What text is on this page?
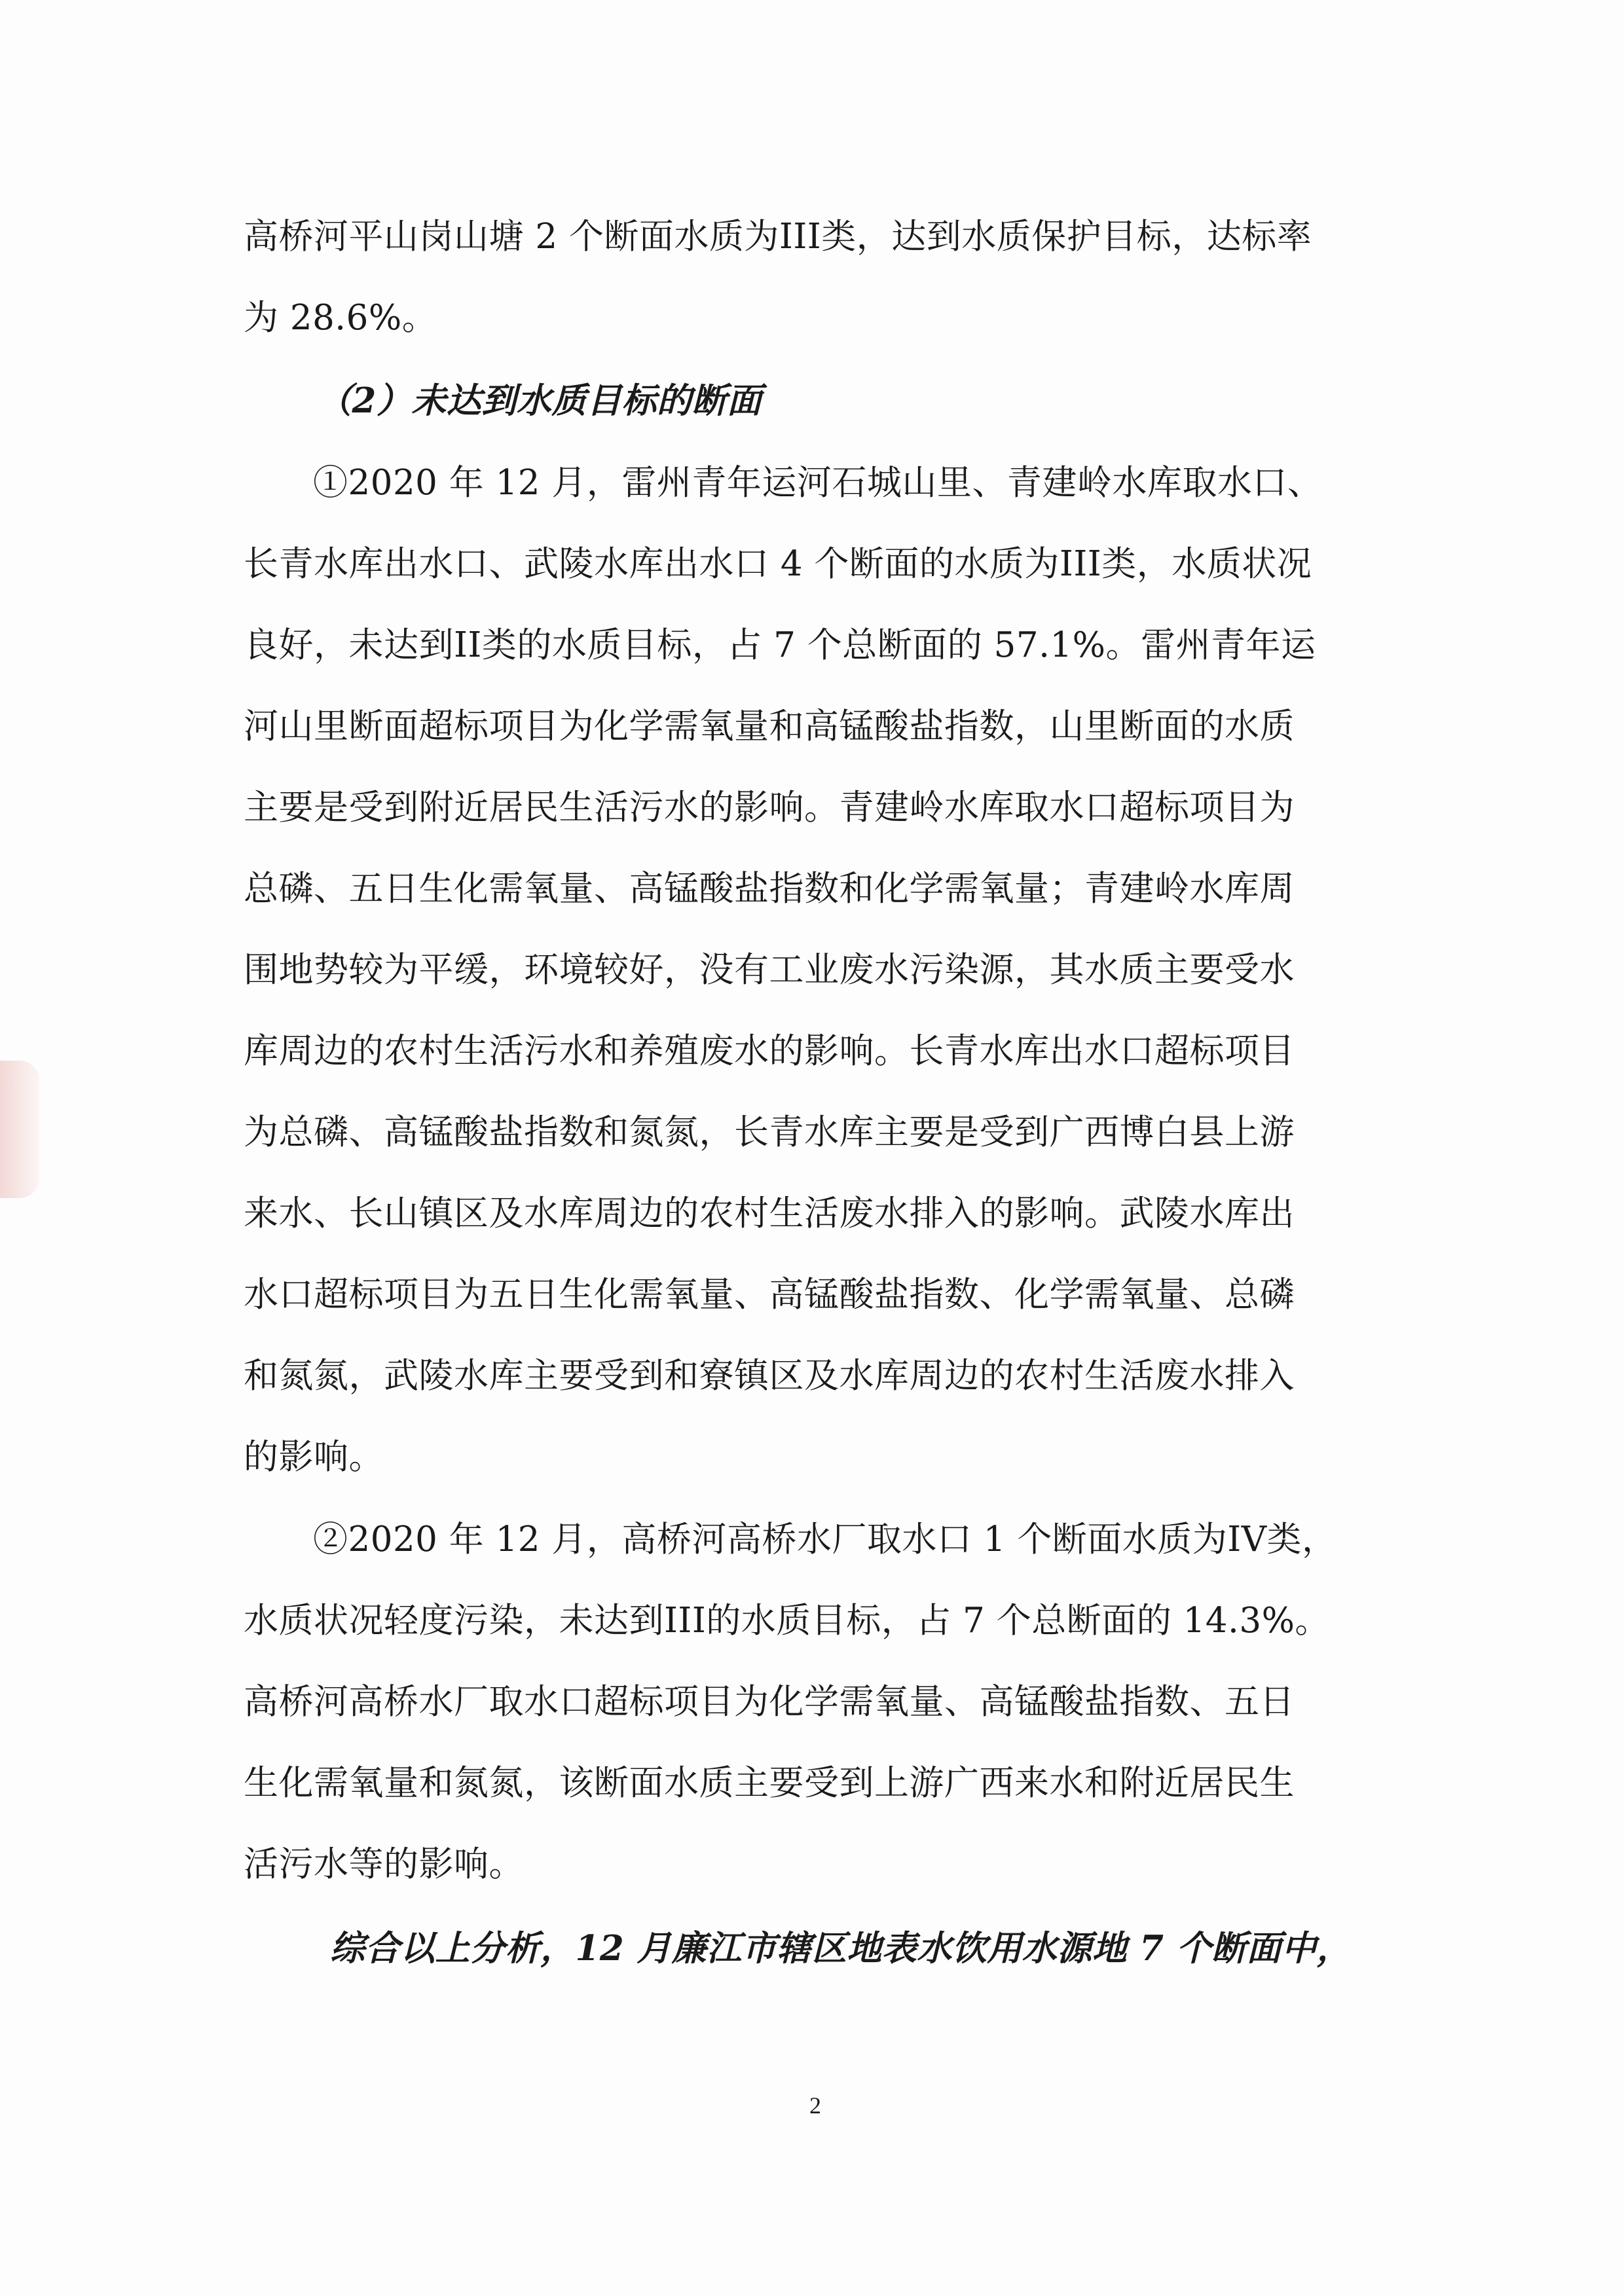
高桥河平山岗山塘 2 个断面水质为III类，达到水质保护目标，达标率
为 28.6%。
（2）未达到水质目标的断面
①2020 年 12 月，雷州青年运河石城山里、青建岭水库取水口、
长青水库出水口、武陵水库出水口 4 个断面的水质为III类，水质状况
良好，未达到II类的水质目标，占 7 个总断面的 57.1%。雷州青年运
河山里断面超标项目为化学需氧量和高锰酸盐指数，山里断面的水质
主要是受到附近居民生活污水的影响。青建岭水库取水口超标项目为
总磷、五日生化需氧量、高锰酸盐指数和化学需氧量；青建岭水库周
围地势较为平缓，环境较好，没有工业废水污染源，其水质主要受水
库周边的农村生活污水和养殖废水的影响。长青水库出水口超标项目
为总磷、高锰酸盐指数和氮氮，长青水库主要是受到广西博白县上游
来水、长山镇区及水库周边的农村生活废水排入的影响。武陵水库出
水口超标项目为五日生化需氧量、高锰酸盐指数、化学需氧量、总磷
和氮氮，武陵水库主要受到和寮镇区及水库周边的农村生活废水排入
的影响。
②2020 年 12 月，高桥河高桥水厂取水口 1 个断面水质为IV类，
水质状况轻度污染，未达到III的水质目标，占 7 个总断面的 14.3%。
高桥河高桥水厂取水口超标项目为化学需氧量、高锰酸盐指数、五日
生化需氧量和氮氮，该断面水质主要受到上游广西来水和附近居民生
活污水等的影响。
综合以上分析，12 月廉江市辖区地表水饮用水源地 7 个断面中，
2
